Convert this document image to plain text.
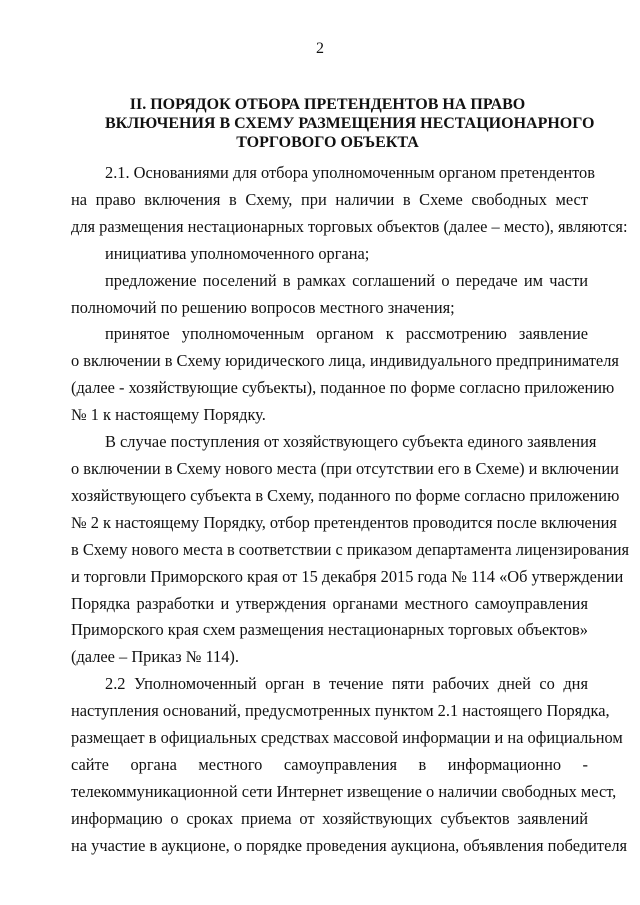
2
II. ПОРЯДОК ОТБОРА ПРЕТЕНДЕНТОВ НА ПРАВО
ВКЛЮЧЕНИЯ В СХЕМУ РАЗМЕЩЕНИЯ НЕСТАЦИОНАРНОГО
ТОРГОВОГО ОБЪЕКТА

2.1. Основаниями для отбора уполномоченным органом претендентов
на право включения в Схему, при наличии в Схеме свободных мест
для размещения нестационарных торговых объектов (далее – место), являются:

инициатива уполномоченного органа;

предложение поселений в рамках соглашений о передаче им части
полномочий по решению вопросов местного значения;

принятое уполномоченным органом к рассмотрению заявление
о включении в Схему юридического лица, индивидуального предпринимателя
(далее - хозяйствующие субъекты), поданное по форме согласно приложению
№ 1 к настоящему Порядку.

В случае поступления от хозяйствующего субъекта единого заявления
о включении в Схему нового места (при отсутствии его в Схеме) и включении
хозяйствующего субъекта в Схему, поданного по форме согласно приложению
№ 2 к настоящему Порядку, отбор претендентов проводится после включения
в Схему нового места в соответствии с приказом департамента лицензирования
и торговли Приморского края от 15 декабря 2015 года № 114 «Об утверждении
Порядка разработки и утверждения органами местного самоуправления
Приморского края схем размещения нестационарных торговых объектов»
(далее – Приказ № 114).

2.2 Уполномоченный орган в течение пяти рабочих дней со дня
наступления оснований, предусмотренных пунктом 2.1 настоящего Порядка,
размещает в официальных средствах массовой информации и на официальном
сайте органа местного самоуправления в информационно -
телекоммуникационной сети Интернет извещение о наличии свободных мест,
информацию о сроках приема от хозяйствующих субъектов заявлений
на участие в аукционе, о порядке проведения аукциона, объявления победителя
